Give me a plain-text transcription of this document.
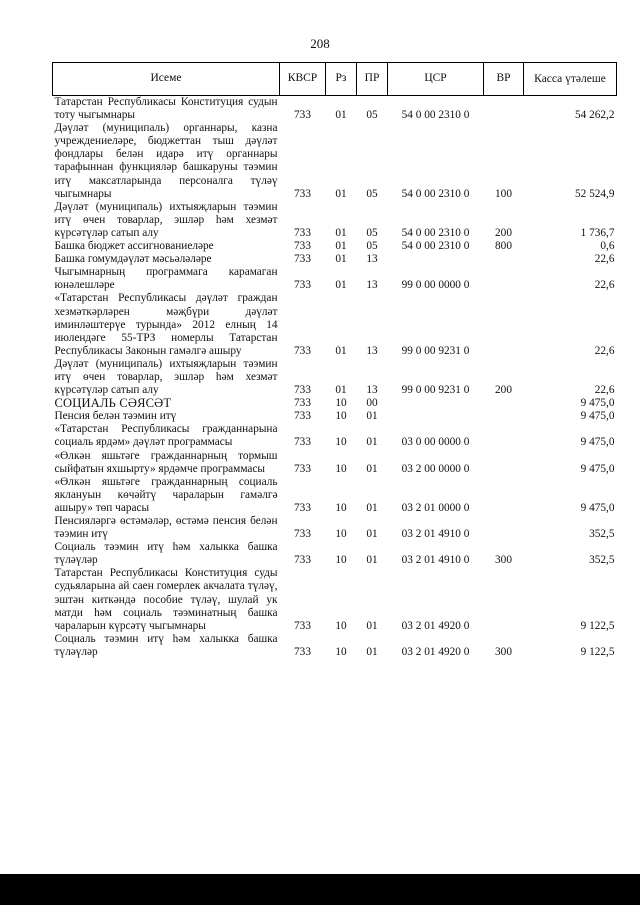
208
Исеме	КВСР	Рз	ПР	ЦСР	ВР	Касса үтәлеше
Татарстан Республикасы Конституция судын тоту чыгымнары	733	01	05	54 0 00 2310 0		54 262,2
Дәүләт (муниципаль) органнары, казна учреждениеләре, бюджеттан тыш дәүләт фондлары белән идарә итү органнары тарафыннан функцияләр башкаруны тәэмин итү максатларында персоналга түләү чыгымнары	733	01	05	54 0 00 2310 0	100	52 524,9
Дәүләт (муниципаль) ихтыяҗларын тәэмин итү өчен товарлар, эшләр һәм хезмәт күрсәтүләр сатып алу	733	01	05	54 0 00 2310 0	200	1 736,7
Башка бюджет ассигнованиеләре	733	01	05	54 0 00 2310 0	800	0,6
Башка гомумдәүләт мәсьәләләре	733	01	13			22,6
Чыгымнарның программага карамаган юнәлешләре	733	01	13	99 0 00 0000 0		22,6
«Татарстан Республикасы дәүләт граждан хезмәткәрләрен мәҗбүри дәүләт иминләштерүе турында» 2012 елның 14 июлендәге 55-ТРЗ номерлы Татарстан Республикасы Законын гамәлгә ашыру	733	01	13	99 0 00 9231 0		22,6
Дәүләт (муниципаль) ихтыяҗларын тәэмин итү өчен товарлар, эшләр һәм хезмәт күрсәтүләр сатып алу	733	01	13	99 0 00 9231 0	200	22,6
СОЦИАЛЬ СӘЯСӘТ	733	10	00			9 475,0
Пенсия белән тәэмин итү	733	10	01			9 475,0
«Татарстан Республикасы гражданнарына социаль ярдәм» дәүләт программасы	733	10	01	03 0 00 0000 0		9 475,0
«Өлкән яшьтәге гражданнарның тормыш сыйфатын яхшырту» ярдәмче программасы	733	10	01	03 2 00 0000 0		9 475,0
«Өлкән яшьтәге гражданнарның социаль яклануын көчәйтү чараларын гамәлгә ашыру» төп чарасы	733	10	01	03 2 01 0000 0		9 475,0
Пенсияләргә өстәмәләр, өстәмә пенсия белән тәэмин итү	733	10	01	03 2 01 4910 0		352,5
Социаль тәэмин итү һәм халыкка башка түләүләр	733	10	01	03 2 01 4910 0	300	352,5
Татарстан Республикасы Конституция суды судьяларына ай саен гомерлек акчалата түләү, эштән киткәндә пособие түләү, шулай ук матди һәм социаль тәэминатның башка чараларын күрсәтү чыгымнары	733	10	01	03 2 01 4920 0		9 122,5
Социаль тәэмин итү һәм халыкка башка түләүләр	733	10	01	03 2 01 4920 0	300	9 122,5
